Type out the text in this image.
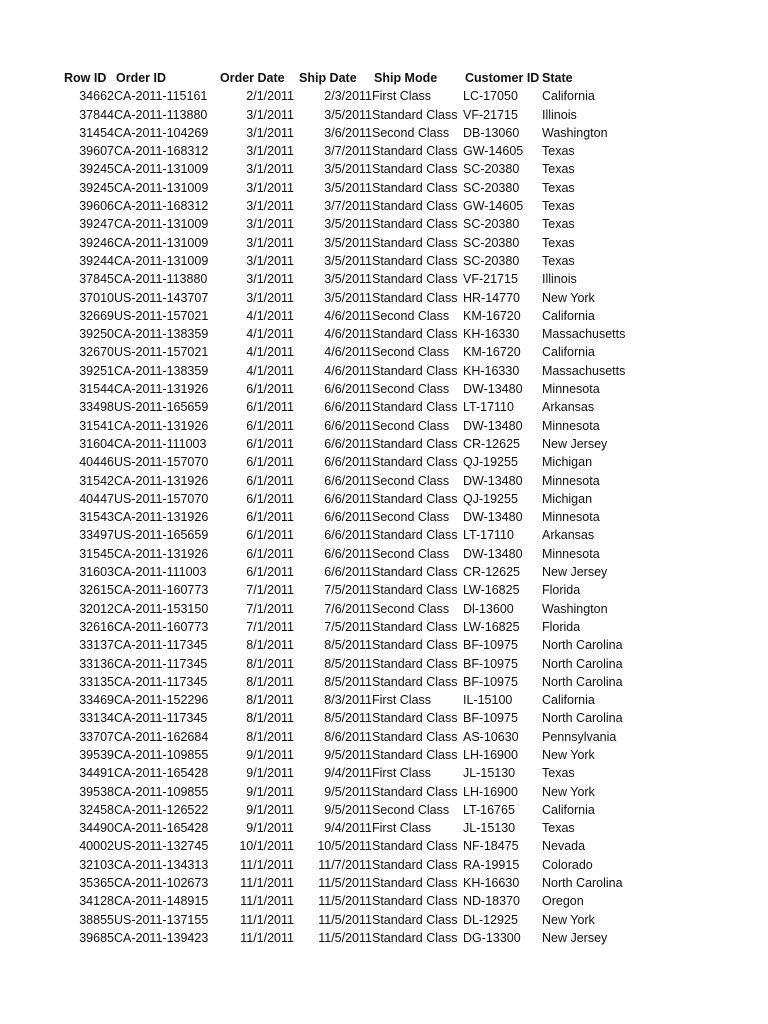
Row ID	Order ID	Order Date	Ship Date	Ship Mode	Customer ID	State
34662	CA-2011-115161	2/1/2011	2/3/2011	First Class	LC-17050	California
37844	CA-2011-113880	3/1/2011	3/5/2011	Standard Class	VF-21715	Illinois
31454	CA-2011-104269	3/1/2011	3/6/2011	Second Class	DB-13060	Washington
39607	CA-2011-168312	3/1/2011	3/7/2011	Standard Class	GW-14605	Texas
39245	CA-2011-131009	3/1/2011	3/5/2011	Standard Class	SC-20380	Texas
39245	CA-2011-131009	3/1/2011	3/5/2011	Standard Class	SC-20380	Texas
39606	CA-2011-168312	3/1/2011	3/7/2011	Standard Class	GW-14605	Texas
39247	CA-2011-131009	3/1/2011	3/5/2011	Standard Class	SC-20380	Texas
39246	CA-2011-131009	3/1/2011	3/5/2011	Standard Class	SC-20380	Texas
39244	CA-2011-131009	3/1/2011	3/5/2011	Standard Class	SC-20380	Texas
37845	CA-2011-113880	3/1/2011	3/5/2011	Standard Class	VF-21715	Illinois
37010	US-2011-143707	3/1/2011	3/5/2011	Standard Class	HR-14770	New York
32669	US-2011-157021	4/1/2011	4/6/2011	Second Class	KM-16720	California
39250	CA-2011-138359	4/1/2011	4/6/2011	Standard Class	KH-16330	Massachusetts
32670	US-2011-157021	4/1/2011	4/6/2011	Second Class	KM-16720	California
39251	CA-2011-138359	4/1/2011	4/6/2011	Standard Class	KH-16330	Massachusetts
31544	CA-2011-131926	6/1/2011	6/6/2011	Second Class	DW-13480	Minnesota
33498	US-2011-165659	6/1/2011	6/6/2011	Standard Class	LT-17110	Arkansas
31541	CA-2011-131926	6/1/2011	6/6/2011	Second Class	DW-13480	Minnesota
31604	CA-2011-111003	6/1/2011	6/6/2011	Standard Class	CR-12625	New Jersey
40446	US-2011-157070	6/1/2011	6/6/2011	Standard Class	QJ-19255	Michigan
31542	CA-2011-131926	6/1/2011	6/6/2011	Second Class	DW-13480	Minnesota
40447	US-2011-157070	6/1/2011	6/6/2011	Standard Class	QJ-19255	Michigan
31543	CA-2011-131926	6/1/2011	6/6/2011	Second Class	DW-13480	Minnesota
33497	US-2011-165659	6/1/2011	6/6/2011	Standard Class	LT-17110	Arkansas
31545	CA-2011-131926	6/1/2011	6/6/2011	Second Class	DW-13480	Minnesota
31603	CA-2011-111003	6/1/2011	6/6/2011	Standard Class	CR-12625	New Jersey
32615	CA-2011-160773	7/1/2011	7/5/2011	Standard Class	LW-16825	Florida
32012	CA-2011-153150	7/1/2011	7/6/2011	Second Class	Dl-13600	Washington
32616	CA-2011-160773	7/1/2011	7/5/2011	Standard Class	LW-16825	Florida
33137	CA-2011-117345	8/1/2011	8/5/2011	Standard Class	BF-10975	North Carolina
33136	CA-2011-117345	8/1/2011	8/5/2011	Standard Class	BF-10975	North Carolina
33135	CA-2011-117345	8/1/2011	8/5/2011	Standard Class	BF-10975	North Carolina
33469	CA-2011-152296	8/1/2011	8/3/2011	First Class	IL-15100	California
33134	CA-2011-117345	8/1/2011	8/5/2011	Standard Class	BF-10975	North Carolina
33707	CA-2011-162684	8/1/2011	8/6/2011	Standard Class	AS-10630	Pennsylvania
39539	CA-2011-109855	9/1/2011	9/5/2011	Standard Class	LH-16900	New York
34491	CA-2011-165428	9/1/2011	9/4/2011	First Class	JL-15130	Texas
39538	CA-2011-109855	9/1/2011	9/5/2011	Standard Class	LH-16900	New York
32458	CA-2011-126522	9/1/2011	9/5/2011	Second Class	LT-16765	California
34490	CA-2011-165428	9/1/2011	9/4/2011	First Class	JL-15130	Texas
40002	US-2011-132745	10/1/2011	10/5/2011	Standard Class	NF-18475	Nevada
32103	CA-2011-134313	11/1/2011	11/7/2011	Standard Class	RA-19915	Colorado
35365	CA-2011-102673	11/1/2011	11/5/2011	Standard Class	KH-16630	North Carolina
34128	CA-2011-148915	11/1/2011	11/5/2011	Standard Class	ND-18370	Oregon
38855	US-2011-137155	11/1/2011	11/5/2011	Standard Class	DL-12925	New York
39685	CA-2011-139423	11/1/2011	11/5/2011	Standard Class	DG-13300	New Jersey
